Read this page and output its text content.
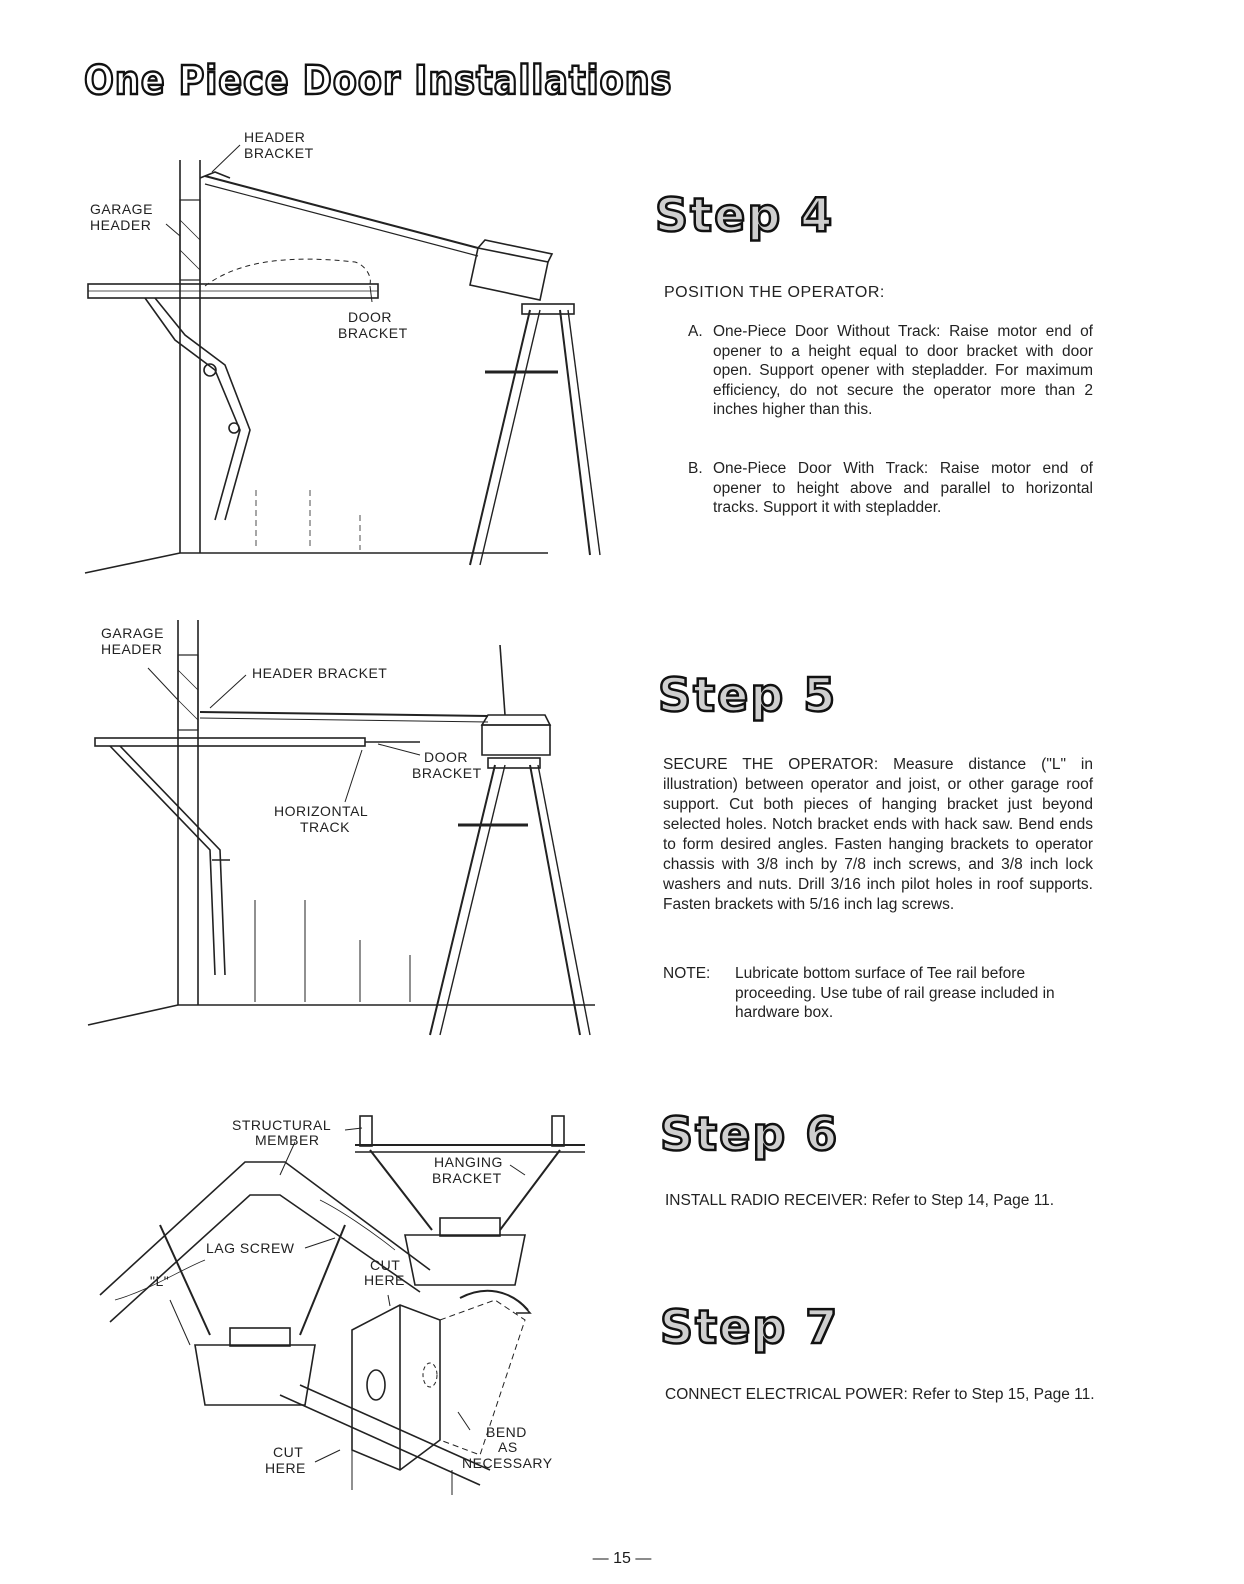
One Piece Door Installations
Step 4
POSITION THE OPERATOR:
A. One-Piece Door Without Track: Raise motor end of opener to a height equal to door bracket with door open. Support opener with stepladder. For maximum efficiency, do not secure the operator more than 2 inches higher than this.
B. One-Piece Door With Track: Raise motor end of opener to height above and parallel to horizontal tracks. Support it with stepladder.
Step 5
SECURE THE OPERATOR: Measure distance ("L" in illustration) between operator and joist, or other garage roof support. Cut both pieces of hanging bracket just beyond selected holes. Notch bracket ends with hack saw. Bend ends to form desired angles. Fasten hanging brackets to operator chassis with 3/8 inch by 7/8 inch screws, and 3/8 inch lock washers and nuts. Drill 3/16 inch pilot holes in roof supports. Fasten brackets with 5/16 inch lag screws.
NOTE: Lubricate bottom surface of Tee rail before proceeding. Use tube of rail grease included in hardware box.
Step 6
INSTALL RADIO RECEIVER: Refer to Step 14, Page 11.
Step 7
CONNECT ELECTRICAL POWER: Refer to Step 15, Page 11.
— 15 —
HEADER
BRACKET
GARAGE
HEADER
DOOR
BRACKET
GARAGE
HEADER
HEADER BRACKET
DOOR
BRACKET
HORIZONTAL
TRACK
STRUCTURAL
MEMBER
HANGING
BRACKET
LAG SCREW
"L"
CUT
HERE
CUT
HERE
BEND
AS
NECESSARY
